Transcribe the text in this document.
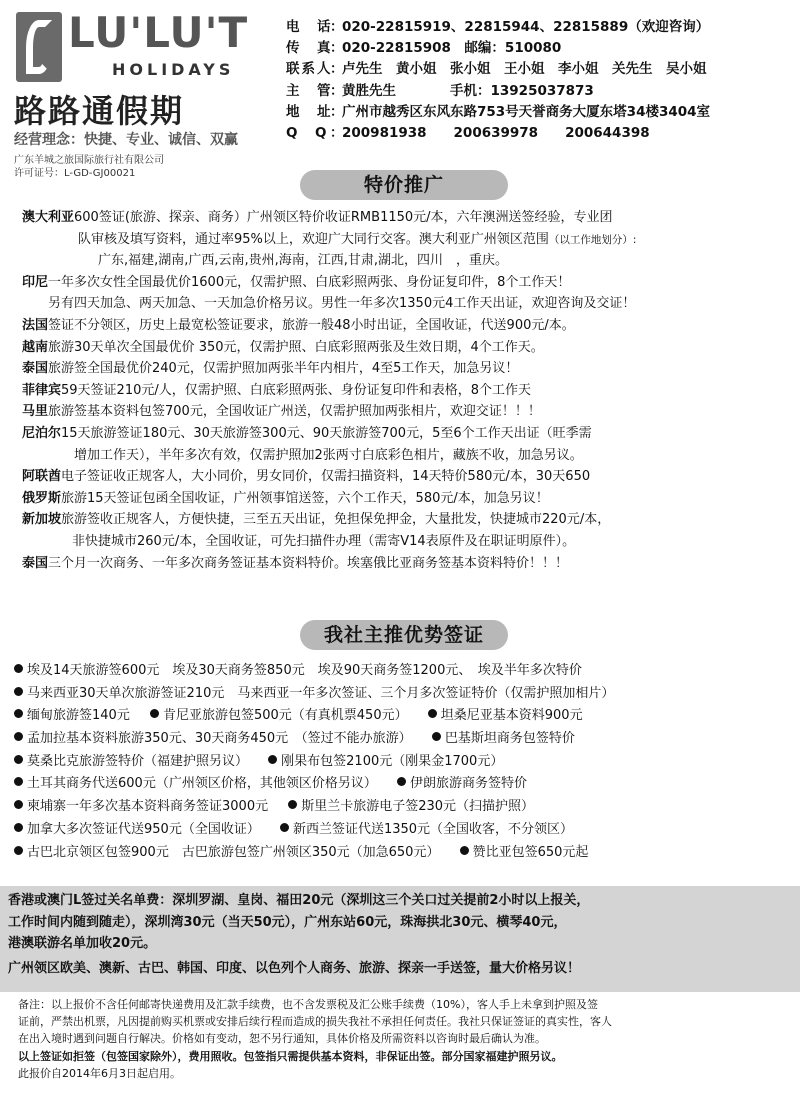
LU'LU'T
HOLIDAYS
路路通假期
经营理念：快捷、专业、诚信、双赢
广东羊城之旅国际旅行社有限公司
许可证号：L-GD-GJ00021
电　话
：
020-22815919、22815944、22815889（欢迎咨询）
传　真
：
020-22815908　邮编：510080
联系人
：
卢先生　黄小姐　张小姐　王小姐　李小姐　关先生　吴小姐
主　管
：
黄胜先生　　　　手机：13925037873
地　址
：
广州市越秀区东风东路753号天誉商务大厦东塔34楼3404室
Q　Q ：
200981938　　200639978　　200644398
特价推广
澳大利亚600签证(旅游、探亲、商务）广州领区特价收证RMB1150元/本，六年澳洲送签经验，专业团
队审核及填写资料，通过率95%以上，欢迎广大同行交客。澳大利亚广州领区范围（以工作地划分）:
广东,福建,湖南,广西,云南,贵州,海南，江西,甘肃,湖北，四川　，重庆。
印尼一年多次女性全国最优价1600元，仅需护照、白底彩照两张、身份证复印件，8个工作天！
另有四天加急、两天加急、一天加急价格另议。男性一年多次1350元4工作天出证，欢迎咨询及交证！
法国签证不分领区，历史上最宽松签证要求，旅游一般48小时出证，全国收证，代送900元/本。
越南旅游30天单次全国最优价 350元，仅需护照、白底彩照两张及生效日期，4个工作天。
泰国旅游签全国最优价240元，仅需护照加两张半年内相片，4至5工作天，加急另议！
菲律宾59天签证210元/人，仅需护照、白底彩照两张、身份证复印件和表格，8个工作天
马里旅游签基本资料包签700元，全国收证广州送，仅需护照加两张相片，欢迎交证！！！
尼泊尔15天旅游签证180元、30天旅游签300元、90天旅游签700元，5至6个工作天出证（旺季需
增加工作天），半年多次有效，仅需护照加2张两寸白底彩色相片，藏族不收，加急另议。
阿联酋电子签证收正规客人，大小同价，男女同价，仅需扫描资料，14天特价580元/本，30天650
俄罗斯旅游15天签证包函全国收证，广州领事馆送签，六个工作天，580元/本，加急另议！
新加坡旅游签收正规客人，方便快捷，三至五天出证，免担保免押金，大量批发，快捷城市220元/本，
非快捷城市260元/本，全国收证，可先扫描件办理（需寄V14表原件及在职证明原件）。
泰国三个月一次商务、一年多次商务签证基本资料特价。埃塞俄比亚商务签基本资料特价！！！
我社主推优势签证
埃及14天旅游签600元　埃及30天商务签850元　埃及90天商务签1200元、　埃及半年多次特价
马来西亚30天单次旅游签证210元　马来西亚一年多次签证、三个月多次签证特价（仅需护照加相片）
缅甸旅游签140元	肯尼亚旅游包签500元（有真机票450元）	坦桑尼亚基本资料900元
孟加拉基本资料旅游350元、30天商务450元　（签过不能办旅游）	巴基斯坦商务包签特价
莫桑比克旅游签特价（福建护照另议）	刚果布包签2100元（刚果金1700元）
土耳其商务代送600元（广州领区价格，其他领区价格另议）	伊朗旅游商务签特价
柬埔寨一年多次基本资料商务签证3000元	斯里兰卡旅游电子签230元（扫描护照）
加拿大多次签证代送950元（全国收证）	新西兰签证代送1350元（全国收客，不分领区）
古巴北京领区包签900元　古巴旅游包签广州领区350元（加急650元）	赞比亚包签650元起
香港或澳门L签过关名单费：深圳罗湖、皇岗、福田20元（深圳这三个关口过关提前2小时以上报关，
工作时间内随到随走），深圳湾30元（当天50元），广州东站60元，珠海拱北30元、横琴40元，
港澳联游名单加收20元。
广州领区欧美、澳新、古巴、韩国、印度、以色列个人商务、旅游、探亲一手送签，量大价格另议！
备注：以上报价不含任何邮寄快递费用及汇款手续费，也不含发票税及汇公账手续费（10%），客人手上未拿到护照及签
证前，严禁出机票，凡因提前购买机票或安排后续行程而造成的损失我社不承担任何责任。我社只保证签证的真实性，客人
在出入境时遇到问题自行解决。价格如有变动，恕不另行通知，具体价格及所需资料以咨询时最后确认为准。
以上签证如拒签（包签国家除外），费用照收。包签指只需提供基本资料，非保证出签。部分国家福建护照另议。
此报价自2014年6月3日起启用。
